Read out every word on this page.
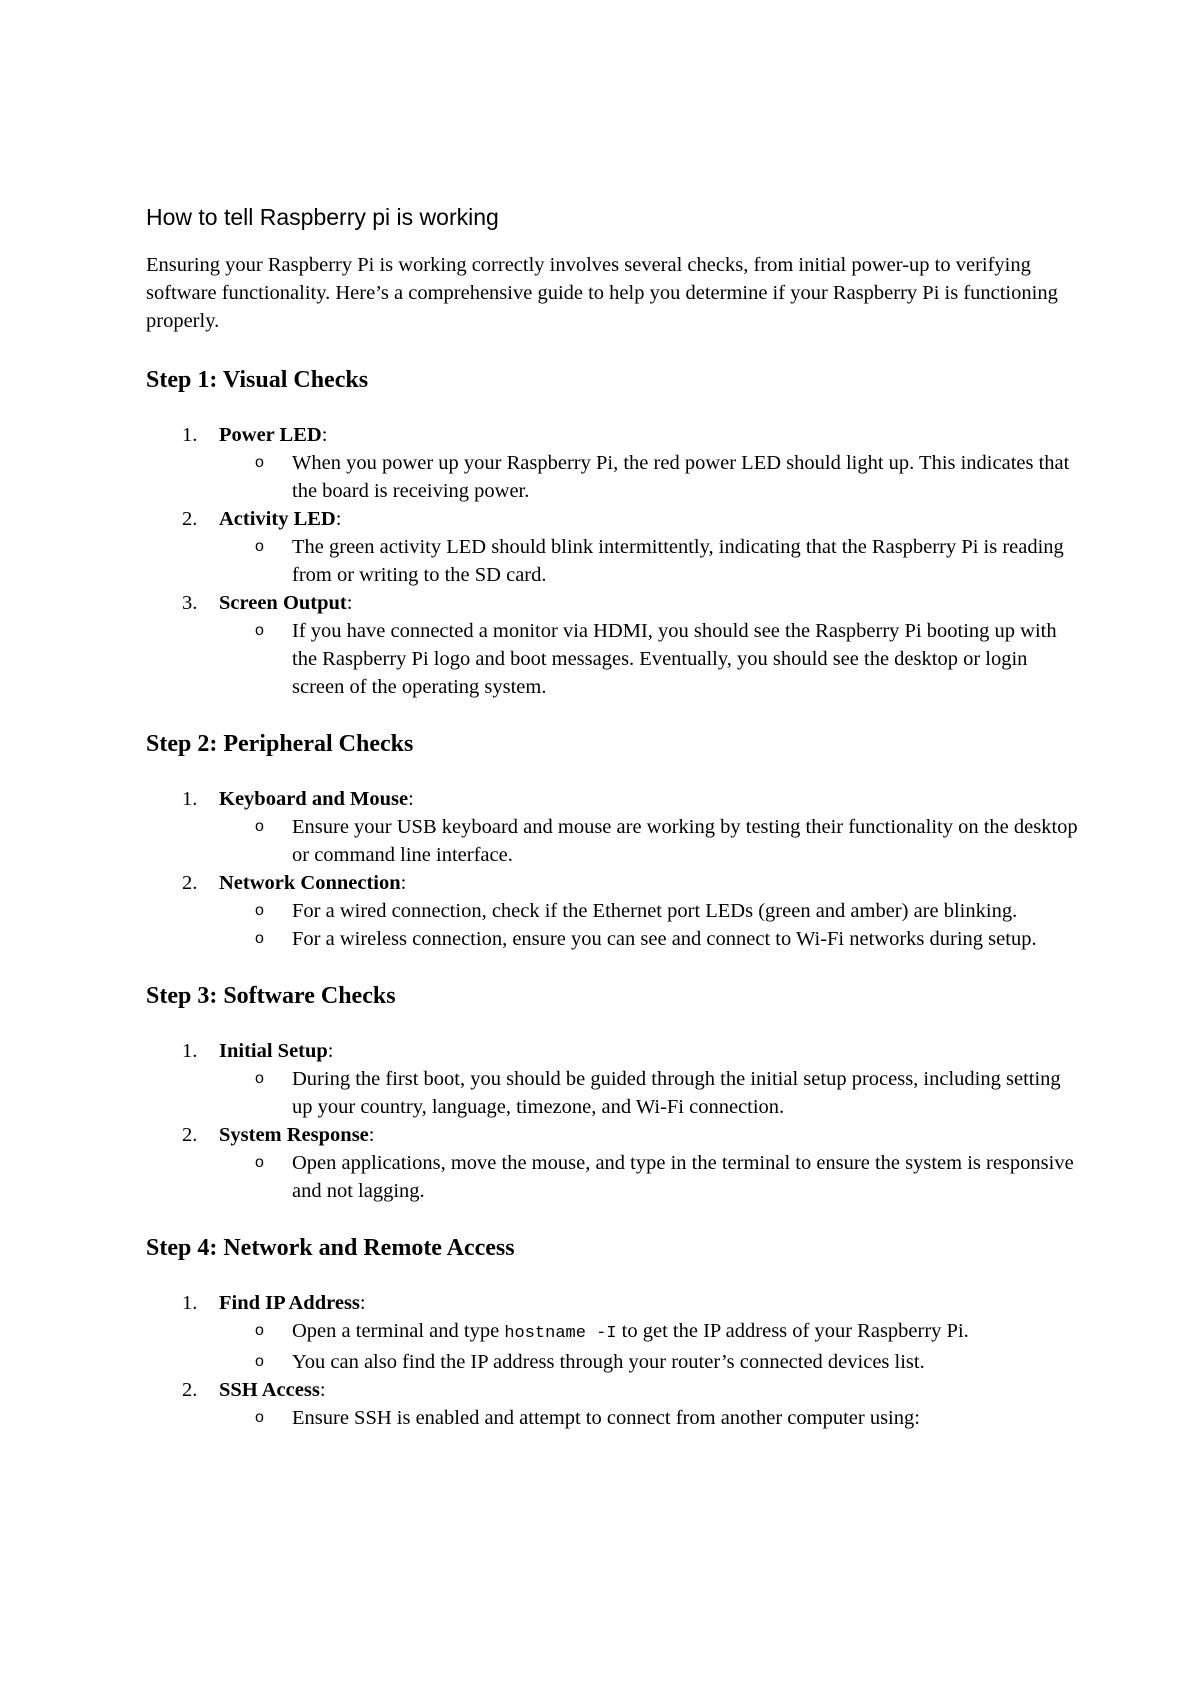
How to tell Raspberry pi is working

Ensuring your Raspberry Pi is working correctly involves several checks, from initial power-up to verifying software functionality. Here’s a comprehensive guide to help you determine if your Raspberry Pi is functioning properly.

Step 1: Visual Checks
1. Power LED:
o When you power up your Raspberry Pi, the red power LED should light up. This indicates that the board is receiving power.
2. Activity LED:
o The green activity LED should blink intermittently, indicating that the Raspberry Pi is reading from or writing to the SD card.
3. Screen Output:
o If you have connected a monitor via HDMI, you should see the Raspberry Pi booting up with the Raspberry Pi logo and boot messages. Eventually, you should see the desktop or login screen of the operating system.
Step 2: Peripheral Checks
1. Keyboard and Mouse:
o Ensure your USB keyboard and mouse are working by testing their functionality on the desktop or command line interface.
2. Network Connection:
o For a wired connection, check if the Ethernet port LEDs (green and amber) are blinking.
o For a wireless connection, ensure you can see and connect to Wi-Fi networks during setup.
Step 3: Software Checks
1. Initial Setup:
o During the first boot, you should be guided through the initial setup process, including setting up your country, language, timezone, and Wi-Fi connection.
2. System Response:
o Open applications, move the mouse, and type in the terminal to ensure the system is responsive and not lagging.
Step 4: Network and Remote Access
1. Find IP Address:
o Open a terminal and type hostname -I to get the IP address of your Raspberry Pi.
o You can also find the IP address through your router’s connected devices list.
2. SSH Access:
o Ensure SSH is enabled and attempt to connect from another computer using:
